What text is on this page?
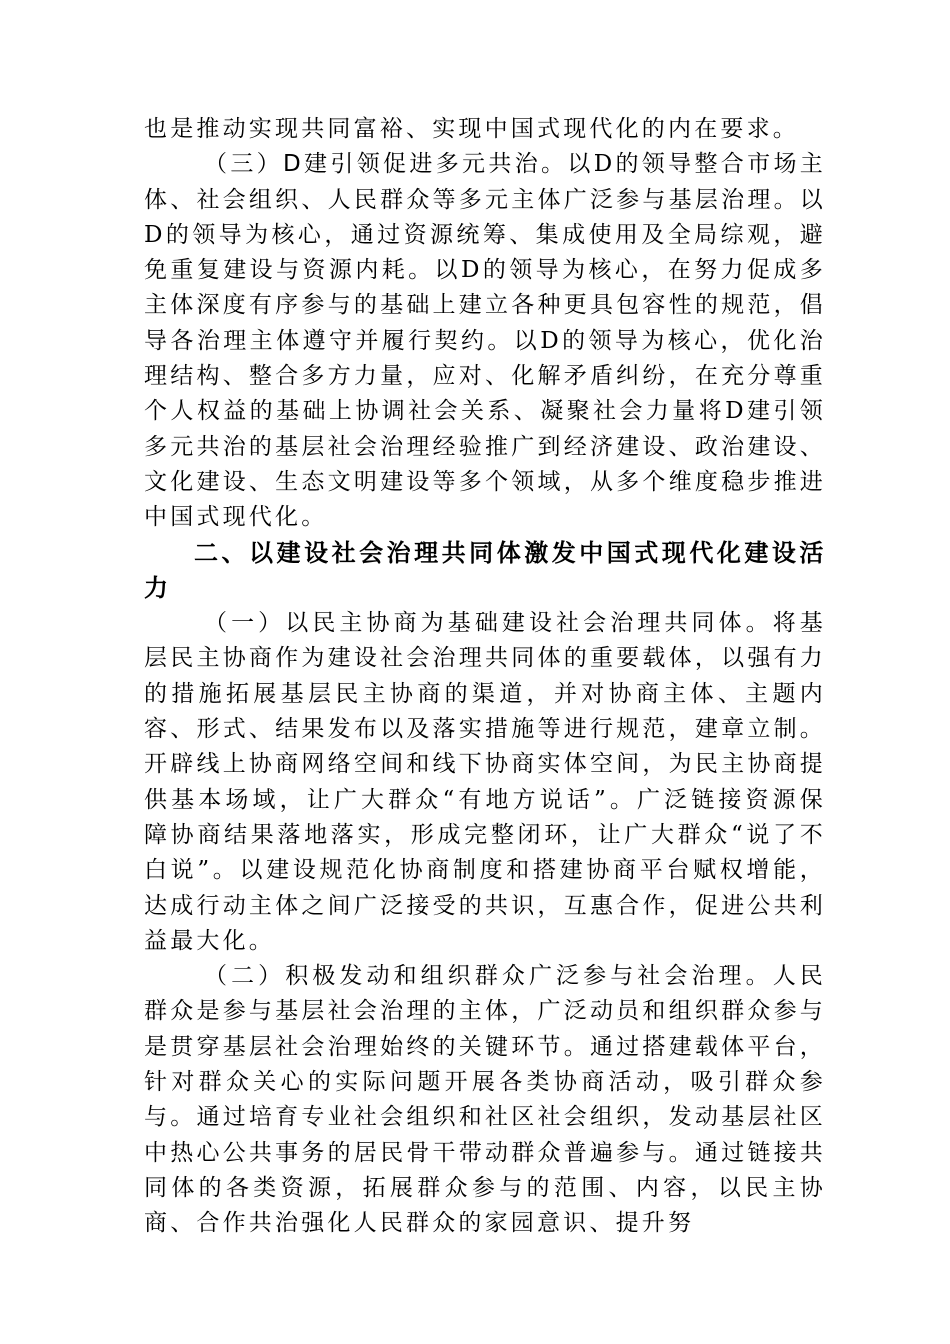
也是推动实现共同富裕、实现中国式现代化的内在要求。

（三）D建引领促进多元共治。以D的领导整合市场主体、社会组织、人民群众等多元主体广泛参与基层治理。以D的领导为核心，通过资源统筹、集成使用及全局综观，避免重复建设与资源内耗。以D的领导为核心，在努力促成多主体深度有序参与的基础上建立各种更具包容性的规范，倡导各治理主体遵守并履行契约。以D的领导为核心，优化治理结构、整合多方力量，应对、化解矛盾纠纷，在充分尊重个人权益的基础上协调社会关系、凝聚社会力量将D建引领多元共治的基层社会治理经验推广到经济建设、政治建设、文化建设、生态文明建设等多个领域，从多个维度稳步推进中国式现代化。

二、以建设社会治理共同体激发中国式现代化建设活力

（一）以民主协商为基础建设社会治理共同体。将基层民主协商作为建设社会治理共同体的重要载体，以强有力的措施拓展基层民主协商的渠道，并对协商主体、主题内容、形式、结果发布以及落实措施等进行规范，建章立制。开辟线上协商网络空间和线下协商实体空间，为民主协商提供基本场域，让广大群众“有地方说话”。广泛链接资源保障协商结果落地落实，形成完整闭环，让广大群众“说了不白说”。以建设规范化协商制度和搭建协商平台赋权增能，达成行动主体之间广泛接受的共识，互惠合作，促进公共利益最大化。

（二）积极发动和组织群众广泛参与社会治理。人民群众是参与基层社会治理的主体，广泛动员和组织群众参与是贯穿基层社会治理始终的关键环节。通过搭建载体平台，针对群众关心的实际问题开展各类协商活动，吸引群众参与。通过培育专业社会组织和社区社会组织，发动基层社区中热心公共事务的居民骨干带动群众普遍参与。通过链接共同体的各类资源，拓展群众参与的范围、内容，以民主协商、合作共治强化人民群众的家园意识、提升努
